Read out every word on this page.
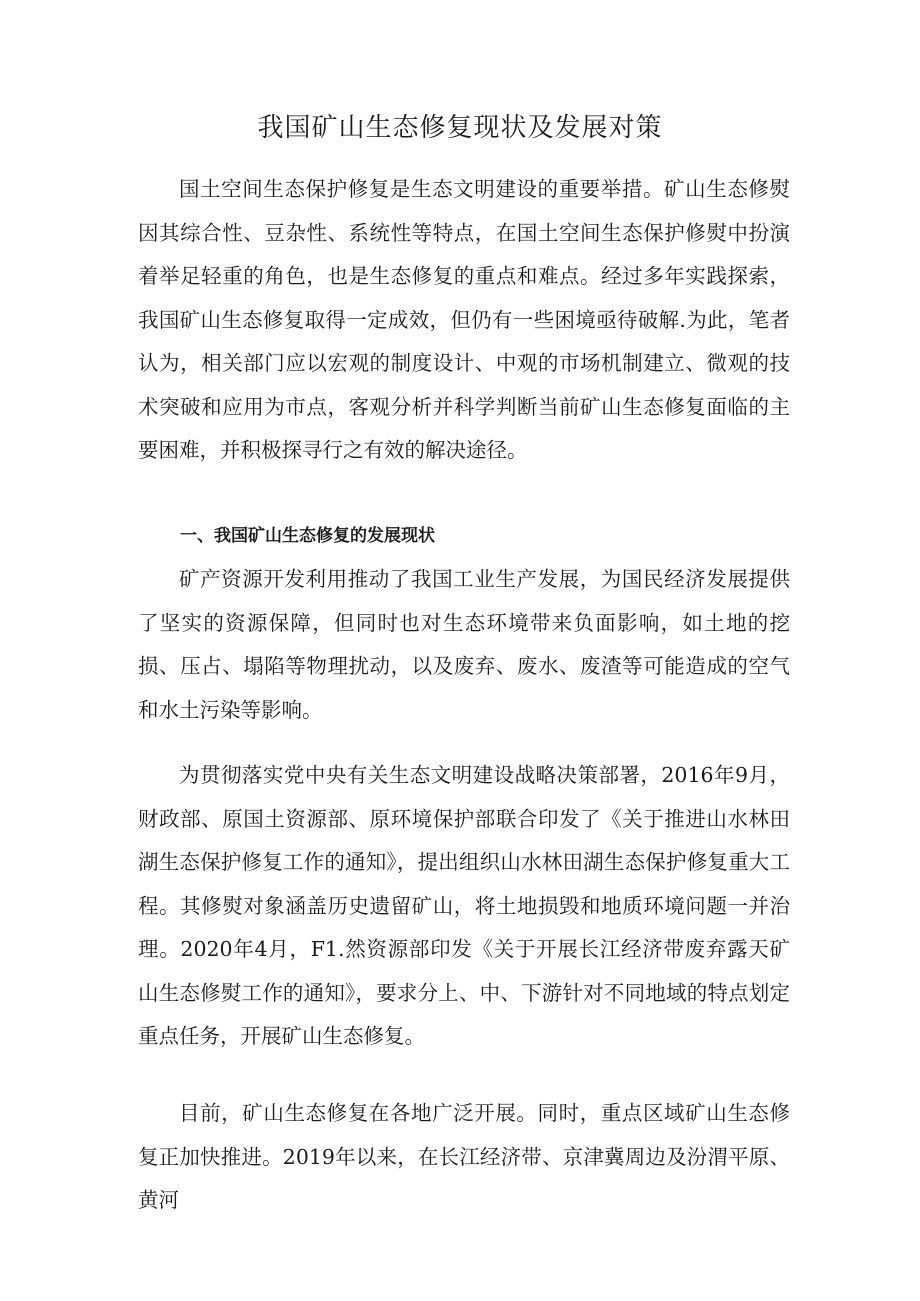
我国矿山生态修复现状及发展对策

国土空间生态保护修复是生态文明建设的重要举措。矿山生态修熨因其综合性、豆杂性、系统性等特点，在国土空间生态保护修熨中扮演着举足轻重的角色，也是生态修复的重点和难点。经过多年实践探索，我国矿山生态修复取得一定成效，但仍有一些困境亟待破解.为此，笔者认为，相关部门应以宏观的制度设计、中观的市场机制建立、微观的技术突破和应用为市点，客观分析并科学判断当前矿山生态修复面临的主要困难，并积极探寻行之有效的解决途径。

一、我国矿山生态修复的发展现状

矿产资源开发利用推动了我国工业生产发展，为国民经济发展提供了坚实的资源保障，但同时也对生态环境带来负面影响，如土地的挖损、压占、塌陷等物理扰动，以及废弃、废水、废渣等可能造成的空气和水土污染等影响。

为贯彻落实党中央有关生态文明建设战略决策部署，2016年9月，财政部、原国土资源部、原环境保护部联合印发了《关于推进山水林田湖生态保护修复工作的通知》，提出组织山水林田湖生态保护修复重大工程。其修熨对象涵盖历史遗留矿山，将土地损毁和地质环境问题一并治理。2020年4月，F1.然资源部印发《关于开展长江经济带废弃露天矿山生态修熨工作的通知》，要求分上、中、下游针对不同地域的特点划定重点任务，开展矿山生态修复。

目前，矿山生态修复在各地广泛开展。同时，重点区域矿山生态修复正加快推进。2019年以来，在长江经济带、京津冀周边及汾渭平原、黄河
